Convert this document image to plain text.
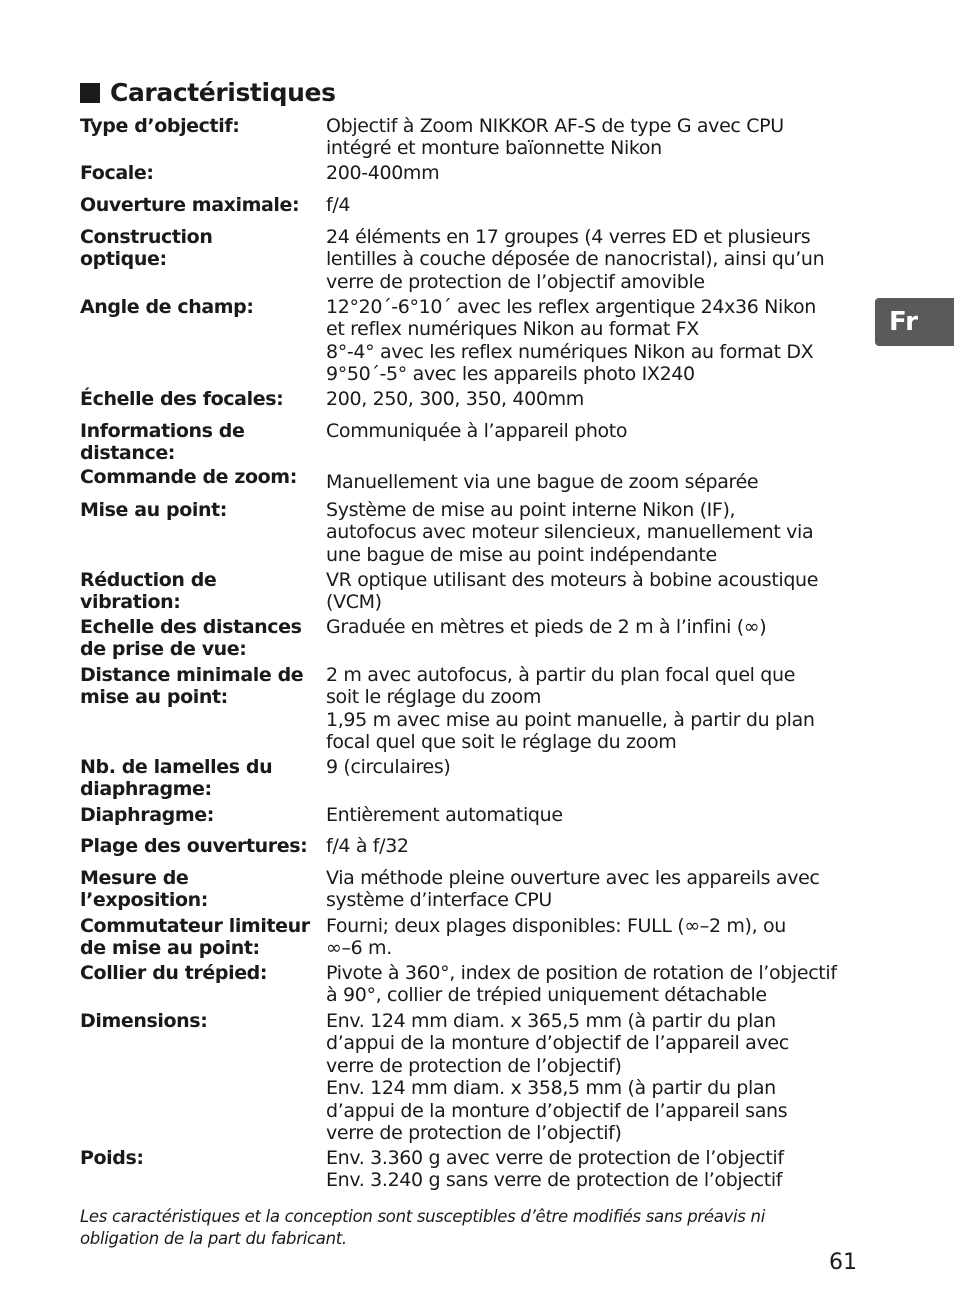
Caractéristiques
Fr
Type d’objectif:	Objectif à Zoom NIKKOR AF-S de type G avec CPU
intégré et monture baïonnette Nikon
Focale:	200-400mm
Ouverture maximale:	f/4
Construction
optique:
24 éléments en 17 groupes (4 verres ED et plusieurs
lentilles à couche déposée de nanocristal), ainsi qu’un
verre de protection de l’objectif amovible
Angle de champ:	12°20´-6°10´ avec les reflex argentique 24x36 Nikon
et reflex numériques Nikon au format FX
8°-4° avec les reflex numériques Nikon au format DX
9°50´-5° avec les appareils photo IX240
Échelle des focales:	200, 250, 300, 350, 400mm
Informations de
distance:
Communiquée à l’appareil photo
Commande de zoom:	Manuellement via une bague de zoom séparée
Mise au point:	Système de mise au point interne Nikon (IF),
autofocus avec moteur silencieux, manuellement via
une bague de mise au point indépendante
Réduction de
vibration:
VR optique utilisant des moteurs à bobine acoustique
(VCM)
Echelle des distances
de prise de vue:
Graduée en mètres et pieds de 2 m à l’infini (∞)
Distance minimale de
mise au point:
2 m avec autofocus, à partir du plan focal quel que
soit le réglage du zoom
1,95 m avec mise au point manuelle, à partir du plan
focal quel que soit le réglage du zoom
Nb. de lamelles du
diaphragme:
9 (circulaires)
Diaphragme:	Entièrement automatique
Plage des ouvertures: f/4 à f/32
Mesure de
l’exposition:
Via méthode pleine ouverture avec les appareils avec
système d’interface CPU
Commutateur limiteur
de mise au point:
Fourni; deux plages disponibles: FULL (∞–2 m), ou
∞–6 m.
Collier du trépied:	Pivote à 360°, index de position de rotation de l’objectif
à 90°, collier de trépied uniquement détachable
Dimensions:	Env. 124 mm diam. x 365,5 mm (à partir du plan
d’appui de la monture d’objectif de l’appareil avec
verre de protection de l’objectif)
Env. 124 mm diam. x 358,5 mm (à partir du plan
d’appui de la monture d’objectif de l’appareil sans
verre de protection de l’objectif)
Poids:	Env. 3.360 g avec verre de protection de l’objectif
Env. 3.240 g sans verre de protection de l’objectif
Les caractéristiques et la conception sont susceptibles d’être modifiés sans préavis ni obligation de la part du fabricant.
61
